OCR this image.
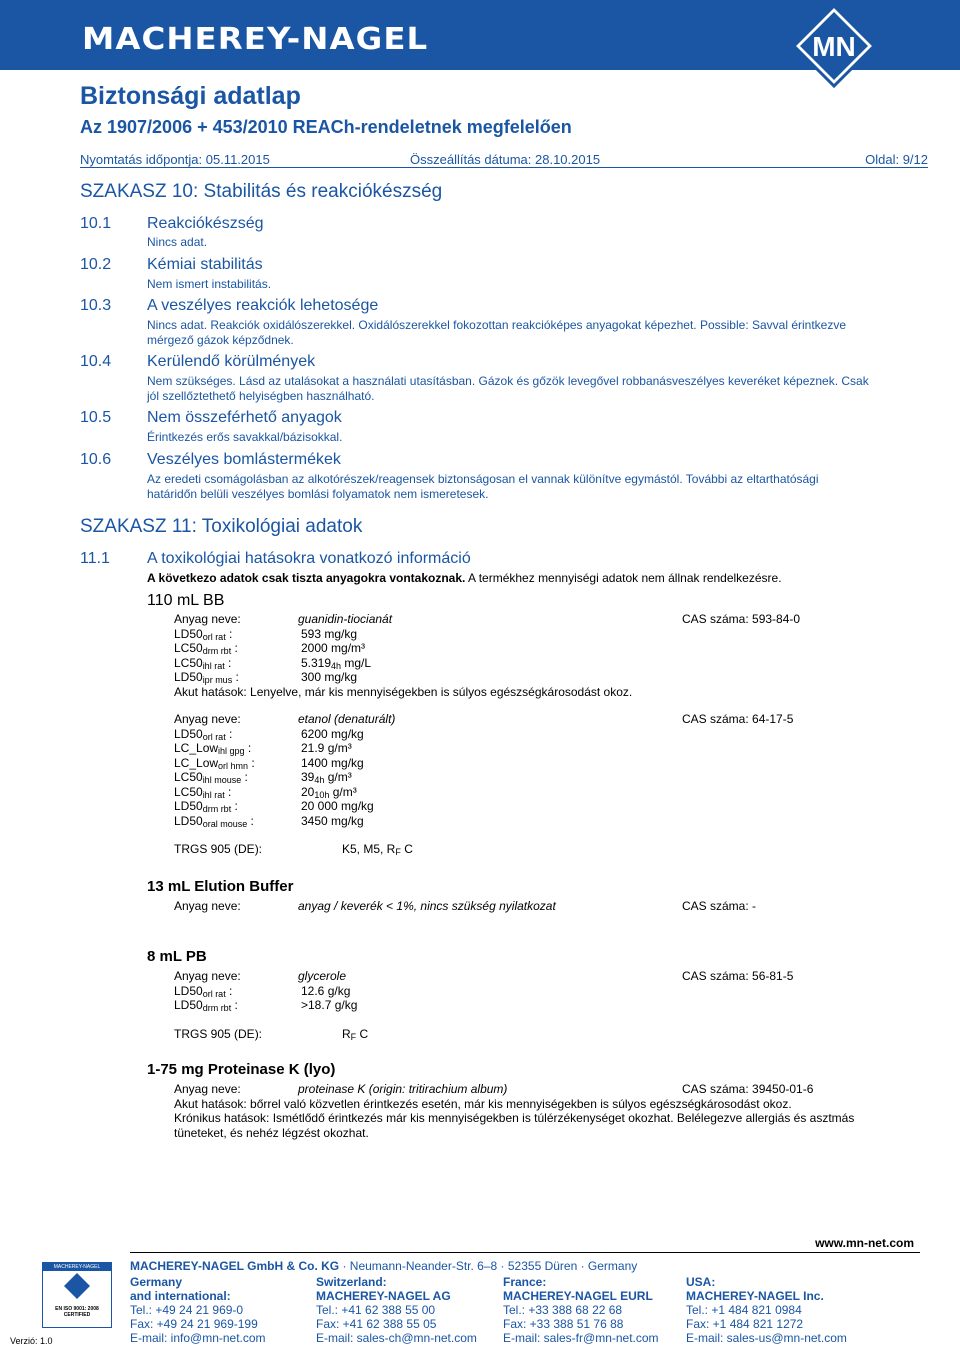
MACHEREY-NAGEL	MN
Biztonsági adatlap
Az 1907/2006 + 453/2010 REACh-rendeletnek megfelelően
Nyomtatás időpontja: 05.11.2015	Összeállítás dátuma: 28.10.2015	Oldal: 9/12
SZAKASZ 10: Stabilitás és reakciókészség
10.1 Reakciókészség
Nincs adat.
10.2 Kémiai stabilitás
Nem ismert instabilitás.
10.3 A veszélyes reakciók lehetosége
Nincs adat. Reakciók oxidálószerekkel. Oxidálószerekkel fokozottan reakcióképes anyagokat képezhet. Possible: Savval érintkezve
mérgező gázok képződnek.
10.4 Kerülendő körülmények
Nem szükséges. Lásd az utalásokat a használati utasításban. Gázok és gőzök levegővel robbanásveszélyes keveréket képeznek. Csak
jól szellőztethető helyiségben használható.
10.5 Nem összeférhető anyagok
Érintkezés erős savakkal/bázisokkal.
10.6 Veszélyes bomlástermékek
Az eredeti csomágolásban az alkotórészek/reagensek biztonságosan el vannak különítve egymástól. További az eltarthatósági
határidőn belüli veszélyes bomlási folyamatok nem ismeretesek.
SZAKASZ 11: Toxikológiai adatok
11.1 A toxikológiai hatásokra vonatkozó információ
A következo adatok csak tiszta anyagokra vontakoznak. A termékhez mennyiségi adatok nem állnak rendelkezésre.
110 mL BB
Anyag neve:	guanidin-tiocianát	CAS száma: 593-84-0
$LD50_{orl rat}$ :	593 mg/kg
$LC50_{drm rbt}$ :	2000 mg/m³
$LC50_{ihl rat}$ :	$5.319_{4h}$ mg/L
$LD50_{ipr mus}$ :	300 mg/kg
Akut hatások: Lenyelve, már kis mennyiségekben is súlyos egészségkárosodást okoz.
Anyag neve:	etanol (denaturált)	CAS száma: 64-17-5
$LD50_{orl rat}$ :	6200 mg/kg
LC_Low$_{ihl gpg}$ :	21.9 g/m³
LC_Low$_{orl hmn}$ :	1400 mg/kg
$LC50_{ihl mouse}$ :	$39_{4h}$ g/m³
$LC50_{ihl rat}$ :	$20_{10h}$ g/m³
$LD50_{drm rbt}$ :	20 000 mg/kg
$LD50_{oral mouse}$ :	3450 mg/kg
TRGS 905 (DE):	K5, M5, $R_F$ C
13 mL Elution Buffer
Anyag neve:	anyag / keverék < 1%, nincs szükség nyilatkozat	CAS száma: -
8 mL PB
Anyag neve:	glycerole	CAS száma: 56-81-5
$LD50_{orl rat}$ :	12.6 g/kg
$LD50_{drm rbt}$ :	>18.7 g/kg
TRGS 905 (DE):	$R_F$ C
1-75 mg Proteinase K (lyo)
Anyag neve:	proteinase K (origin: tritirachium album)	CAS száma: 39450-01-6
Akut hatások: bőrrel való közvetlen érintkezés esetén, már kis mennyiségekben is súlyos egészségkárosodást okoz.
Krónikus hatások: Ismétlődő érintkezés már kis mennyiségekben is túlérzékenységet okozhat. Belélegezve allergiás és asztmás
tüneteket, és nehéz légzést okozhat.
www.mn-net.com
MACHEREY-NAGEL GmbH & Co. KG · Neumann-Neander-Str. 6–8 · 52355 Düren · Germany
Germany
and international:
Tel.: +49 24 21 969-0
Fax: +49 24 21 969-199
E-mail: info@mn-net.com
Switzerland:
MACHEREY-NAGEL AG
Tel.: +41 62 388 55 00
Fax: +41 62 388 55 05
E-mail: sales-ch@mn-net.com
France:
MACHEREY-NAGEL EURL
Tel.: +33 388 68 22 68
Fax: +33 388 51 76 88
E-mail: sales-fr@mn-net.com
USA:
MACHEREY-NAGEL Inc.
Tel.: +1 484 821 0984
Fax: +1 484 821 1272
E-mail: sales-us@mn-net.com
MACHEREY-NAGEL
EN ISO 9001: 2008
CERTIFIED
Verzió: 1.0
